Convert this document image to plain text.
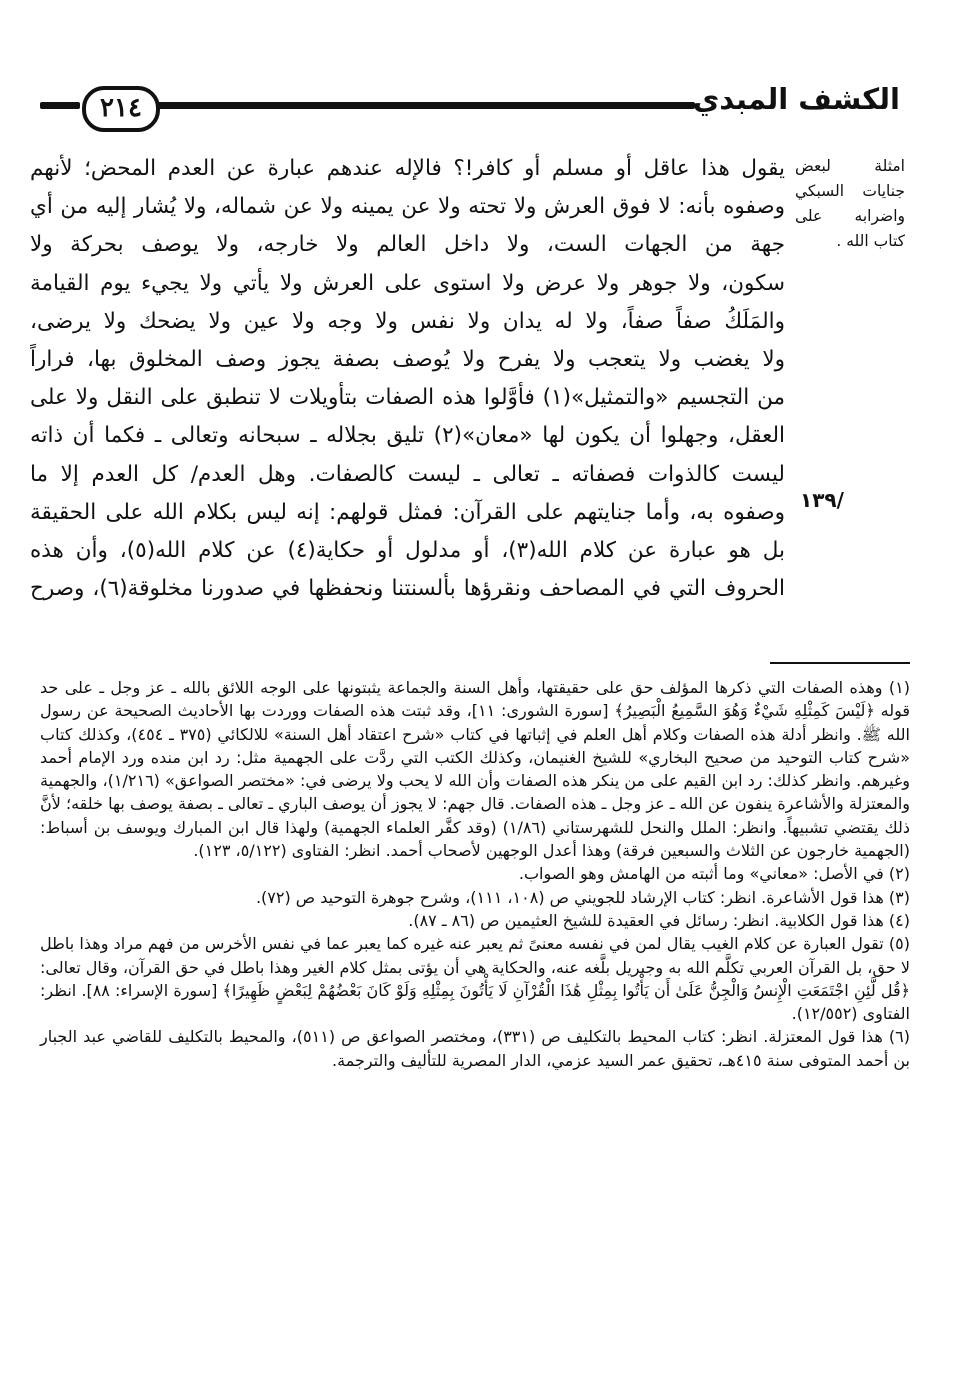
٢١٤	الكشف المبدي
امثلة لبعض جنايات السبكي واضرابه على كتاب الله .
١٣٩/
يقول هذا عاقل أو مسلم أو كافر!؟ فالإله عندهم عبارة عن العدم المحض؛ لأنهم
وصفوه بأنه: لا فوق العرش ولا تحته ولا عن يمينه ولا عن شماله، ولا يُشار إليه من أي
جهة من الجهات الست، ولا داخل العالم ولا خارجه، ولا يوصف بحركة ولا
سكون، ولا جوهر ولا عرض ولا استوى على العرش ولا يأتي ولا يجيء يوم القيامة
والمَلَكُ صفاً صفاً، ولا له يدان ولا نفس ولا وجه ولا عين ولا يضحك ولا يرضى،
ولا يغضب ولا يتعجب ولا يفرح ولا يُوصف بصفة يجوز وصف المخلوق بها، فراراً
من التجسيم «والتمثيل»(١) فأوَّلوا هذه الصفات بتأويلات لا تنطبق على النقل ولا على
العقل، وجهلوا أن يكون لها «معان»(٢) تليق بجلاله ـ سبحانه وتعالى ـ فكما أن ذاته
ليست كالذوات فصفاته ـ تعالى ـ ليست كالصفات. وهل العدم/ كل العدم إلا ما
وصفوه به، وأما جنايتهم على القرآن: فمثل قولهم: إنه ليس بكلام الله على الحقيقة
بل هو عبارة عن كلام الله(٣)، أو مدلول أو حكاية(٤) عن كلام الله(٥)، وأن هذه
الحروف التي في المصاحف ونقرؤها بألسنتنا ونحفظها في صدورنا مخلوقة(٦)، وصرح

(١) وهذه الصفات التي ذكرها المؤلف حق على حقيقتها، وأهل السنة والجماعة يثبتونها على الوجه اللائق بالله ـ عز وجل ـ على حد قوله ﴿لَيْسَ كَمِثْلِهِ شَيْءٌ وَهُوَ السَّمِيعُ الْبَصِيرُ﴾ [سورة الشورى: ١١]، وقد ثبتت هذه الصفات ووردت بها الأحاديث الصحيحة عن رسول الله ﷺ. وانظر أدلة هذه الصفات وكلام أهل العلم في إثباتها في كتاب «شرح اعتقاد أهل السنة» للالكائي (٣٧٥ ـ ٤٥٤)، وكذلك كتاب «شرح كتاب التوحيد من صحيح البخاري» للشيخ الغنيمان، وكذلك الكتب التي ردَّت على الجهمية مثل: رد ابن منده ورد الإمام أحمد وغيرهم. وانظر كذلك: رد ابن القيم على من ينكر هذه الصفات وأن الله لا يحب ولا يرضى في: «مختصر الصواعق» (١/٢١٦)، والجهمية والمعتزلة والأشاعرة ينفون عن الله ـ عز وجل ـ هذه الصفات. قال جهم: لا يجوز أن يوصف الباري ـ تعالى ـ بصفة يوصف بها خلقه؛ لأنَّ ذلك يقتضي تشبيهاً. وانظر: الملل والنحل للشهرستاني (١/٨٦) (وقد كفَّر العلماء الجهمية) ولهذا قال ابن المبارك ويوسف بن أسباط: (الجهمية خارجون عن الثلاث والسبعين فرقة) وهذا أعدل الوجهين لأصحاب أحمد. انظر: الفتاوى (٥/١٢٢، ١٢٣).

(٢) في الأصل: «معاني» وما أثبته من الهامش وهو الصواب.

(٣) هذا قول الأشاعرة. انظر: كتاب الإرشاد للجويني ص (١٠٨، ١١١)، وشرح جوهرة التوحيد ص (٧٢).

(٤) هذا قول الكلابية. انظر: رسائل في العقيدة للشيخ العثيمين ص (٨٦ ـ ٨٧).

(٥) تقول العبارة عن كلام الغيب يقال لمن في نفسه معنىً ثم يعبر عنه غيره كما يعبر عما في نفس الأخرس من فهم مراد وهذا باطل لا حق، بل القرآن العربي تكلَّم الله به وجبريل بلَّغه عنه، والحكاية هي أن يؤتى بمثل كلام الغير وهذا باطل في حق القرآن، وقال تعالى: ﴿قُل لَّئِنِ اجْتَمَعَتِ الْإِنسُ وَالْجِنُّ عَلَىٰ أَن يَأْتُوا بِمِثْلِ هَٰذَا الْقُرْآنِ لَا يَأْتُونَ بِمِثْلِهِ وَلَوْ كَانَ بَعْضُهُمْ لِبَعْضٍ ظَهِيرًا﴾ [سورة الإسراء: ٨٨]. انظر: الفتاوى (١٢/٥٥٢).

(٦) هذا قول المعتزلة. انظر: كتاب المحيط بالتكليف ص (٣٣١)، ومختصر الصواعق ص (٥١١)، والمحيط بالتكليف للقاضي عبد الجبار بن أحمد المتوفى سنة ٤١٥هـ، تحقيق عمر السيد عزمي، الدار المصرية للتأليف والترجمة.
